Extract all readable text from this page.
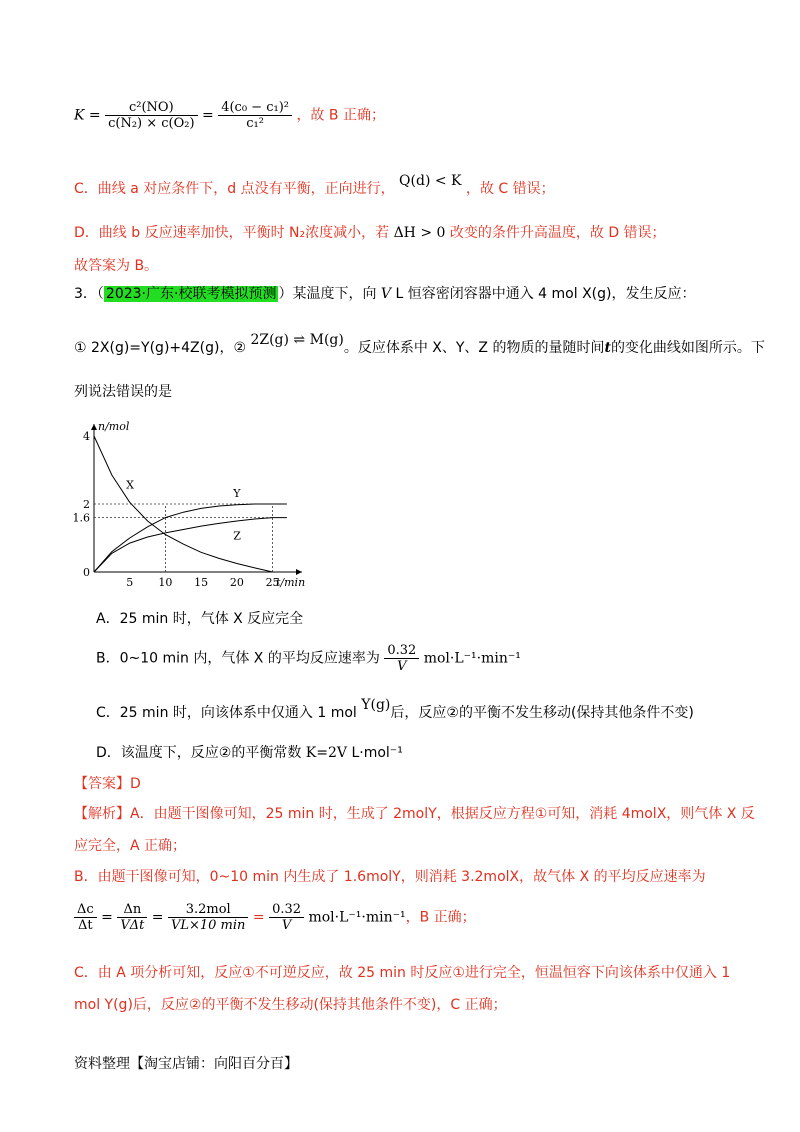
$K = \frac{\text{c²(NO)}}{\text{c(N₂) × c(O₂)}} = \frac{\text{4(c₀ − c₁)²}}{\text{c₁²}}$ ，故 B 正确；
C．曲线 a 对应条件下，d 点没有平衡，正向进行， Q(d) < K ，故 C 错误；
D．曲线 b 反应速率加快，平衡时 N₂浓度减小，若 ΔH > 0 改变的条件升高温度，故 D 错误；
故答案为 B。
3．（ 2023·广东·校联考模拟预测 ）某温度下，向 V L 恒容密闭容器中通入 4 mol X(g)，发生反应：
① 2X(g)=Y(g)+4Z(g)，② 2Z(g) ⇌ M(g)。反应体系中 X、Y、Z 的物质的量随时间t的变化曲线如图所示。下
列说法错误的是
n/mol
t/min
5 10 15 20 25
4
2
1.6
0
X
Y
Z
A．25 min 时，气体 X 反应完全
B．0~10 min 内，气体 X 的平均反应速率为 $\frac{0.32}{V} mol\cdot L^{-1}\cdot\min^{-1}$
C．25 min 时，向该体系中仅通入 1 mol Y(g)后，反应②的平衡不发生移动(保持其他条件不变)
D．该温度下，反应②的平衡常数 K=2V L·mol⁻¹
【答案】D
【解析】A．由题干图像可知，25 min 时，生成了 2molY，根据反应方程①可知，消耗 4molX，则气体 X 反
应完全，A 正确；
B．由题干图像可知，0~10 min 内生成了 1.6molY，则消耗 3.2molX，故气体 X 的平均反应速率为
$\frac{\Delta c}{\Delta t} = \frac{\Delta n}{\text{VΔt}} = \frac{\text{3.2mol}}{VL\times 10 \min} = \frac{0.32}{V} mol\cdot L^{-1}\cdot\min^{-1}$，B 正确；
C．由 A 项分析可知，反应①不可逆反应，故 25 min 时反应①进行完全，恒温恒容下向该体系中仅通入 1
mol Y(g)后，反应②的平衡不发生移动(保持其他条件不变)，C 正确；
资料整理【淘宝店铺：向阳百分百】
